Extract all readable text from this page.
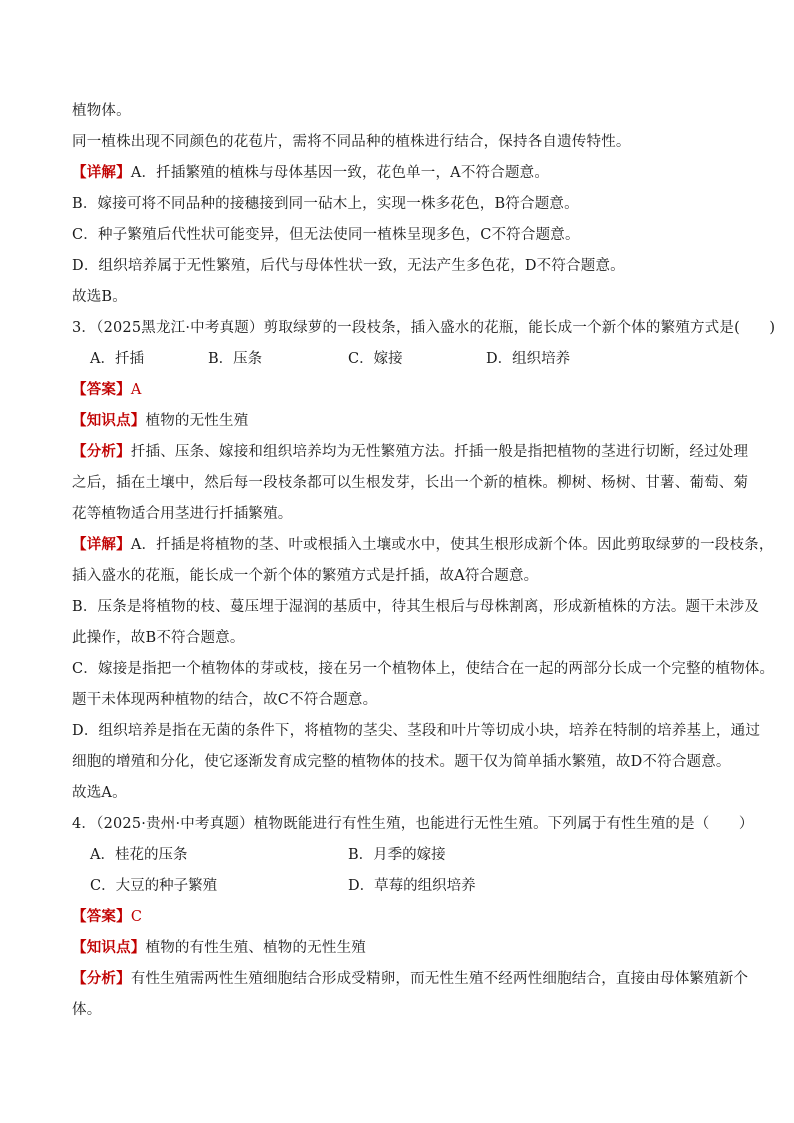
植物体。
同一植株出现不同颜色的花苞片，需将不同品种的植株进行结合，保持各自遗传特性。
【详解】A．扦插繁殖的植株与母体基因一致，花色单一，A不符合题意。
B．嫁接可将不同品种的接穗接到同一砧木上，实现一株多花色，B符合题意。
C．种子繁殖后代性状可能变异，但无法使同一植株呈现多色，C不符合题意。
D．组织培养属于无性繁殖，后代与母体性状一致，无法产生多色花，D不符合题意。
故选B。
3．（2025黑龙江·中考真题）剪取绿萝的一段枝条，插入盛水的花瓶，能长成一个新个体的繁殖方式是(　　)
A．扦插	B．压条	C．嫁接	D．组织培养
【答案】A
【知识点】植物的无性生殖
【分析】扦插、压条、嫁接和组织培养均为无性繁殖方法。扦插一般是指把植物的茎进行切断，经过处理
之后，插在土壤中，然后每一段枝条都可以生根发芽，长出一个新的植株。柳树、杨树、甘薯、葡萄、菊
花等植物适合用茎进行扦插繁殖。
【详解】A．扦插是将植物的茎、叶或根插入土壤或水中，使其生根形成新个体。因此剪取绿萝的一段枝条，
插入盛水的花瓶，能长成一个新个体的繁殖方式是扦插，故A符合题意。
B．压条是将植物的枝、蔓压埋于湿润的基质中，待其生根后与母株割离，形成新植株的方法。题干未涉及
此操作，故B不符合题意。
C．嫁接是指把一个植物体的芽或枝，接在另一个植物体上，使结合在一起的两部分长成一个完整的植物体。
题干未体现两种植物的结合，故C不符合题意。
D．组织培养是指在无菌的条件下，将植物的茎尖、茎段和叶片等切成小块，培养在特制的培养基上，通过
细胞的增殖和分化，使它逐渐发育成完整的植物体的技术。题干仅为简单插水繁殖，故D不符合题意。
故选A。
4．（2025·贵州·中考真题）植物既能进行有性生殖，也能进行无性生殖。下列属于有性生殖的是（　　）
A．桂花的压条	B．月季的嫁接
C．大豆的种子繁殖	D．草莓的组织培养
【答案】C
【知识点】植物的有性生殖、植物的无性生殖
【分析】有性生殖需两性生殖细胞结合形成受精卵，而无性生殖不经两性细胞结合，直接由母体繁殖新个
体。
